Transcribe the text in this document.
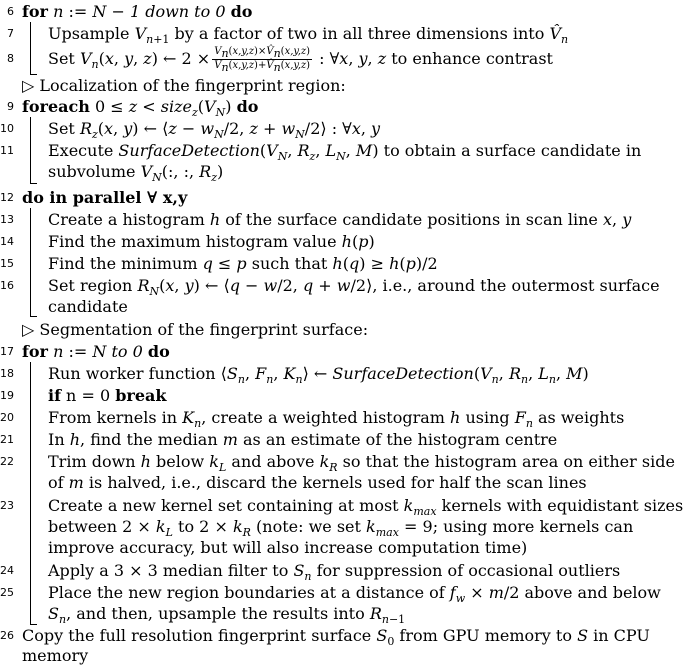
6 for n := N − 1 down to 0 do
7 Upsample $V_{n+1}$ by a factor of two in all three dimensions into $V̂_n$
8 Set $V_n(x$, y, z) ← $2 \times \frac{V_n(x,y,z)\times V̂_n(x,y,z)}{V_n(x,y,z)+V̂_n(x,y,z)}$ : ∀x, y, z to enhance contrast
▷ Localization of the fingerprint region:
9 foreach $0 \le z < size_z(V_N)$ do
10 Set $R_z(x$, y) ← ⟨z − $w_N/2$, $z + w_N/2⟩$ : ∀x, y
11 Execute $SurfaceDetection(V_N$, $R_z$, $L_N$, M) to obtain a surface candidate in
subvolume $V_N$(:, :, $R_z$)
12 do in parallel ∀ x,y
13 Create a histogram h of the surface candidate positions in scan line x, y
14 Find the maximum histogram value h(p)
15 Find the minimum q ≤ p such that h(q) ≥ h(p)/2
16 Set region $R_N(x$, y) ← ⟨q − w/2, q + w/2⟩, i.e., around the outermost surface
candidate
▷ Segmentation of the fingerprint surface:
17 for n := N to 0 do
18 Run worker function $⟨S_n$, $F_n$, $K_n⟩$ ← $SurfaceDetection(V_n$, $R_n$, $L_n$, M)
19 if n = 0 break
20 From kernels in $K_n$, create a weighted histogram h using $F_n$ as weights
21 In h, find the median m as an estimate of the histogram centre
22 Trim down h below $k_L$ and above $k_R$ so that the histogram area on either side
of m is halved, i.e., discard the kernels used for half the scan lines
23 Create a new kernel set containing at most $k_{max}$ kernels with equidistant sizes
between $2 \times k_L$ to $2 \times k_R$ (note: we set $k_{max} = 9$; using more kernels can
improve accuracy, but will also increase computation time)
24 Apply a 3 × 3 median filter to $S_n$ for suppression of occasional outliers
25 Place the new region boundaries at a distance of $f_w \times m/2$ above and below
$S_n$, and then, upsample the results into $R_{n-1}$
26 Copy the full resolution fingerprint surface $S_0$ from GPU memory to S in CPU
memory
